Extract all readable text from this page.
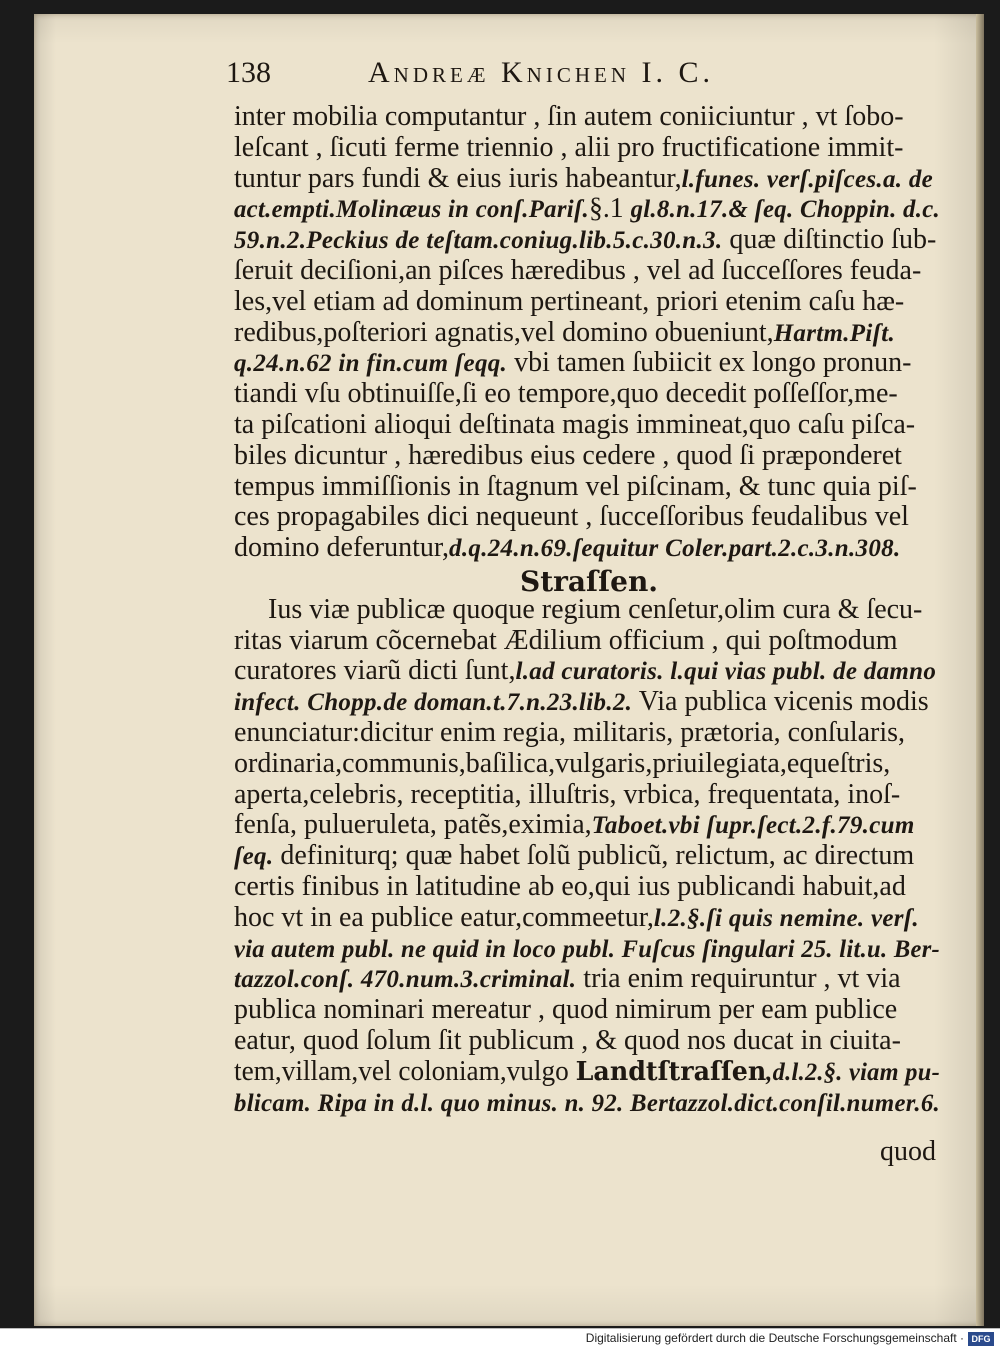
138	Andreæ Knichen I. C.
inter mobilia computantur , ſin autem coniiciuntur , vt ſobo-
leſcant , ſicuti ferme triennio , alii pro fructificatione immit-
tuntur pars fundi & eius iuris habeantur,l.funes. verſ.piſces.a. de
act.empti.Molinæus in conſ.Pariſ.§.1 gl.8.n.17.& ſeq. Choppin. d.c.
59.n.2.Peckius de teſtam.coniug.lib.5.c.30.n.3. quæ diſtinctio ſub-
ſeruit deciſioni,an piſces hæredibus , vel ad ſucceſſores feuda-
les,vel etiam ad dominum pertineant, priori etenim caſu hæ-
redibus,poſteriori agnatis,vel domino obueniunt,Hartm.Piſt.
q.24.n.62 in fin.cum ſeqq. vbi tamen ſubiicit ex longo pronun-
tiandi vſu obtinuiſſe,ſi eo tempore,quo decedit poſſeſſor,me-
ta piſcationi alioqui deſtinata magis immineat,quo caſu piſca-
biles dicuntur , hæredibus eius cedere , quod ſi præponderet
tempus immiſſionis in ſtagnum vel piſcinam, & tunc quia piſ-
ces propagabiles dici nequeunt , ſucceſſoribus feudalibus vel
domino deferuntur,d.q.24.n.69.ſequitur Coler.part.2.c.3.n.308.
Ius viæ publicæ quoque regium cenſetur,olim cura & ſecu-
ritas viarum cõcernebat Ædilium officium , qui poſtmodum
curatores viarũ dicti ſunt,l.ad curatoris. l.qui vias publ. de damno
infect. Chopp.de doman.t.7.n.23.lib.2. Via publica vicenis modis
enunciatur:dicitur enim regia, militaris, prætoria, conſularis,
ordinaria,communis,baſilica,vulgaris,priuilegiata,equeſtris,
aperta,celebris, receptitia, illuſtris, vrbica, frequentata, inoſ-
fenſa, pulueruleta, patẽs,eximia,Taboet.vbi ſupr.ſect.2.f.79.cum
ſeq. definiturq; quæ habet ſolũ publicũ, relictum, ac directum
certis finibus in latitudine ab eo,qui ius publicandi habuit,ad
hoc vt in ea publice eatur,commeetur,l.2.§.ſi quis nemine. verſ.
via autem publ. ne quid in loco publ. Fuſcus ſingulari 25. lit.u. Ber-
tazzol.conſ. 470.num.3.criminal. tria enim requiruntur , vt via
publica nominari mereatur , quod nimirum per eam publice
eatur, quod ſolum ſit publicum , & quod nos ducat in ciuita-
tem,villam,vel coloniam,vulgo Landtſtraſſen,d.l.2.§. viam pu-
blicam. Ripa in d.l. quo minus. n. 92. Bertazzol.dict.conſil.numer.6.
Straſſen.
quod
Digitalisierung gefördert durch die Deutsche Forschungsgemeinschaft · DFG
